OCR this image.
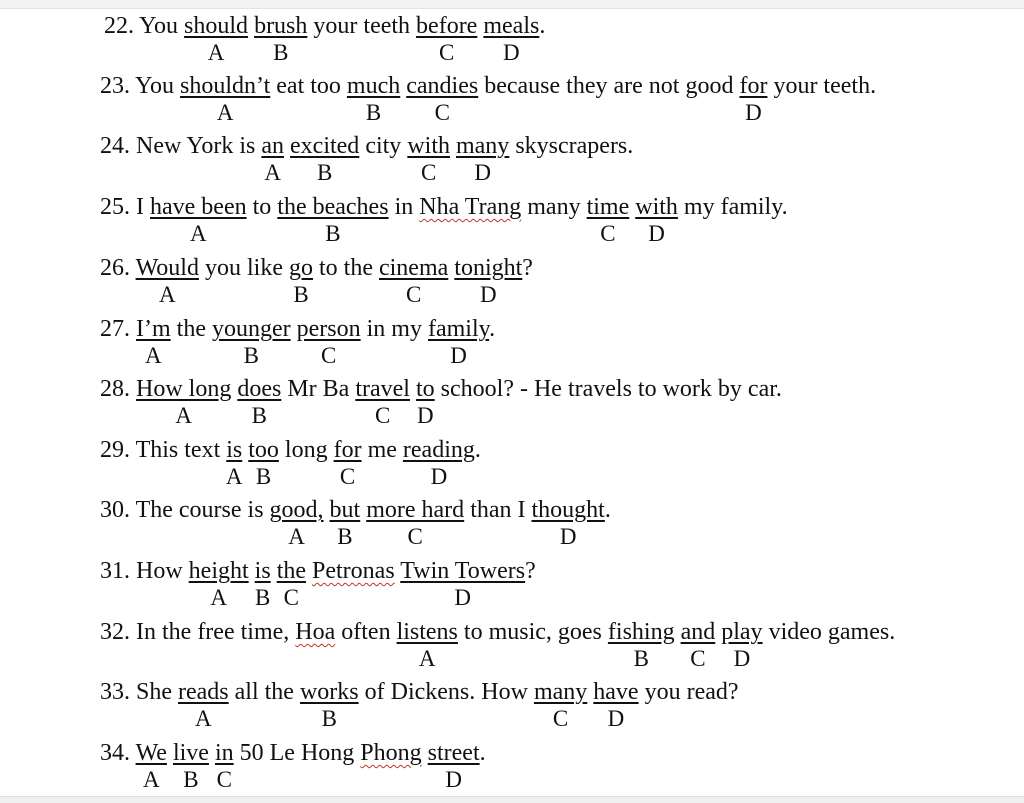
22. You should brush your teeth before meals.
A B	C D
23. You shouldn’t eat too much candies because they are not good for your teeth.
A	B C	D
24. New York is an excited city with many skyscrapers.
A B	C D
25. I have been to the beaches in Nha Trang many time with my family.
A	B	C D
26. Would you like go to the cinema tonight?
A	B	C	D
27. I’m the younger person in my family.
A	B	C	D
28. How long does Mr Ba travel to school? - He travels to work by car.
A	B	C D
29. This text is too long for me reading.
A B	C	D
30. The course is good, but more hard than I thought.
A B C	D
31. How height is the Petronas Twin Towers?
A B C	D
32. In the free time, Hoa often listens to music, goes fishing and play video games.
A	B C D
33. She reads all the works of Dickens. How many have you read?
A	B	C D
34. We live in 50 Le Hong Phong street.
A B C	D
